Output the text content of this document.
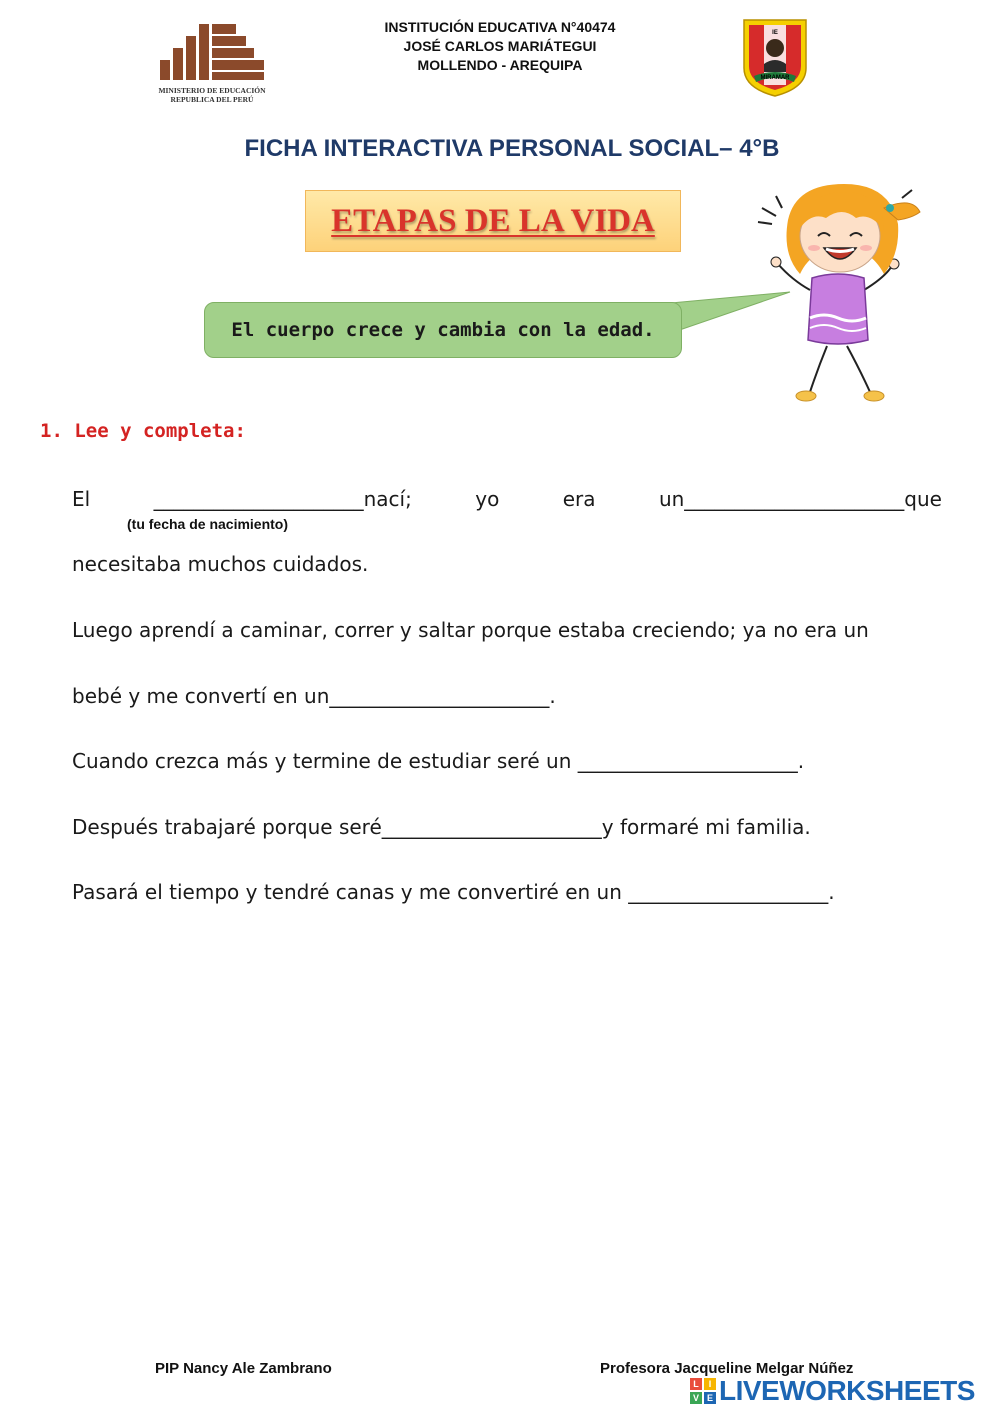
MINISTERIO DE EDUCACIÓN
REPUBLICA DEL PERÚ
INSTITUCIÓN EDUCATIVA N°40474
JOSÉ CARLOS MARIÁTEGUI
MOLLENDO - AREQUIPA
IE
MIRAMAR
FICHA INTERACTIVA PERSONAL SOCIAL– 4°B
ETAPAS DE LA VIDA
El cuerpo crece y cambia con la edad.
1. Lee y completa:
El	_____________________nací;	yo	era	un______________________que
(tu fecha de nacimiento)
necesitaba muchos cuidados.
Luego aprendí a caminar, correr y saltar porque estaba creciendo; ya no era un
bebé y me convertí en un______________________.
Cuando crezca más y termine de estudiar seré un ______________________.
Después trabajaré porque seré______________________y formaré mi familia.
Pasará el tiempo y tendré canas y me convertiré en un ____________________.
PIP Nancy Ale Zambrano	Profesora Jacqueline Melgar Núñez
L	I
V E LIVEWORKSHEETS
